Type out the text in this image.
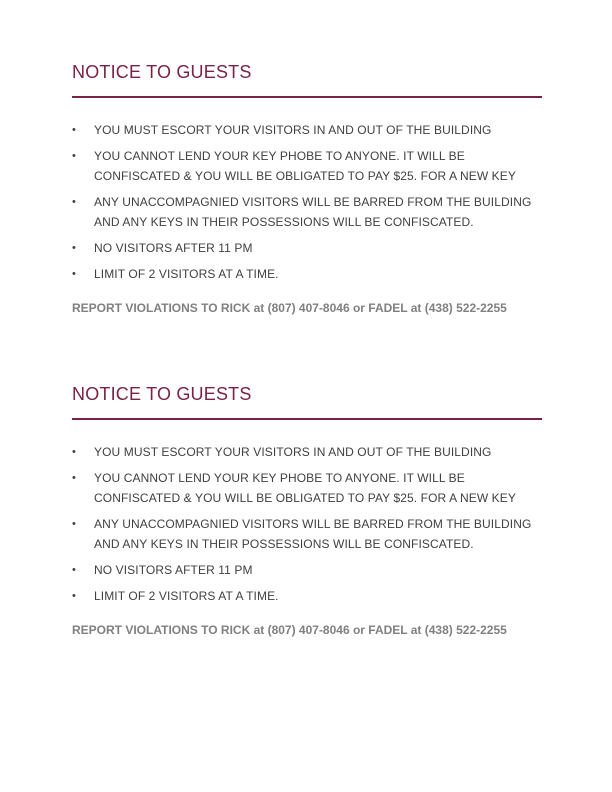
NOTICE TO GUESTS
•	YOU MUST ESCORT YOUR VISITORS IN AND OUT OF THE BUILDING
•	YOU CANNOT LEND YOUR KEY PHOBE TO ANYONE. IT WILL BE CONFISCATED & YOU WILL BE OBLIGATED TO PAY $25. FOR A NEW KEY
•	ANY UNACCOMPAGNIED VISITORS WILL BE BARRED FROM THE BUILDING AND ANY KEYS IN THEIR POSSESSIONS WILL BE CONFISCATED.
•	NO VISITORS AFTER 11 PM
•	LIMIT OF 2 VISITORS AT A TIME.
REPORT VIOLATIONS TO RICK at (807) 407-8046 or FADEL at (438) 522-2255
NOTICE TO GUESTS
•	YOU MUST ESCORT YOUR VISITORS IN AND OUT OF THE BUILDING
•	YOU CANNOT LEND YOUR KEY PHOBE TO ANYONE. IT WILL BE CONFISCATED & YOU WILL BE OBLIGATED TO PAY $25. FOR A NEW KEY
•	ANY UNACCOMPAGNIED VISITORS WILL BE BARRED FROM THE BUILDING AND ANY KEYS IN THEIR POSSESSIONS WILL BE CONFISCATED.
•	NO VISITORS AFTER 11 PM
•	LIMIT OF 2 VISITORS AT A TIME.
REPORT VIOLATIONS TO RICK at (807) 407-8046 or FADEL at (438) 522-2255
